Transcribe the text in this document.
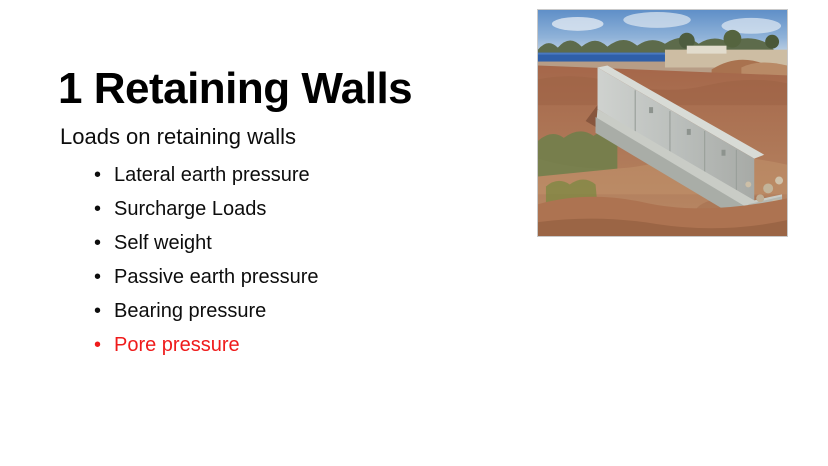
1 Retaining Walls

Loads on retaining walls

• Lateral earth pressure
• Surcharge Loads
• Self weight
• Passive earth pressure
• Bearing pressure
• Pore pressure
